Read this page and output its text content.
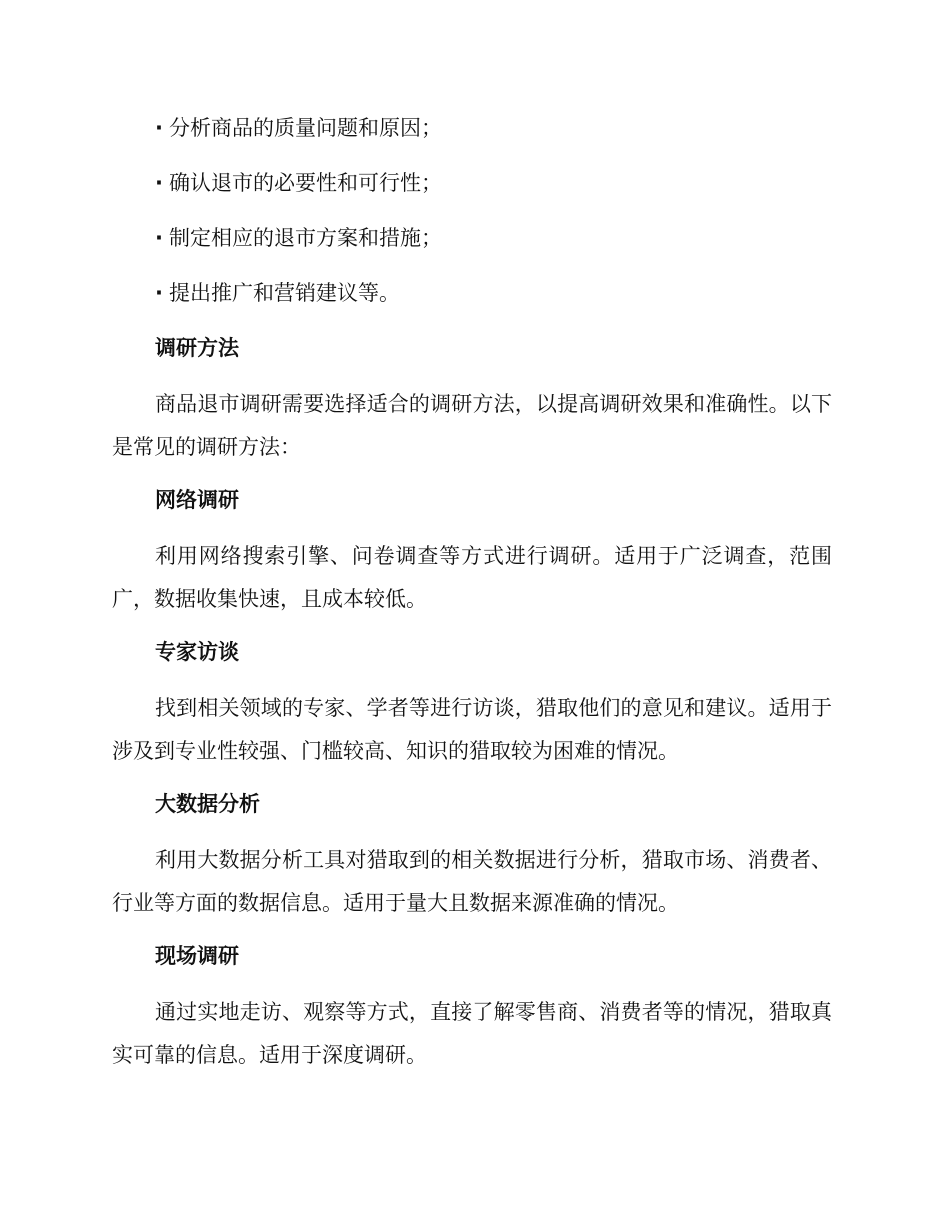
· 分析商品的质量问题和原因；
· 确认退市的必要性和可行性；
· 制定相应的退市方案和措施；
· 提出推广和营销建议等。
调研方法

商品退市调研需要选择适合的调研方法，以提高调研效果和准确性。以下是常见的调研方法：

网络调研

利用网络搜索引擎、问卷调查等方式进行调研。适用于广泛调查，范围广，数据收集快速，且成本较低。

专家访谈

找到相关领域的专家、学者等进行访谈，猎取他们的意见和建议。适用于涉及到专业性较强、门槛较高、知识的猎取较为困难的情况。

大数据分析

利用大数据分析工具对猎取到的相关数据进行分析，猎取市场、消费者、行业等方面的数据信息。适用于量大且数据来源准确的情况。

现场调研

通过实地走访、观察等方式，直接了解零售商、消费者等的情况，猎取真实可靠的信息。适用于深度调研。
